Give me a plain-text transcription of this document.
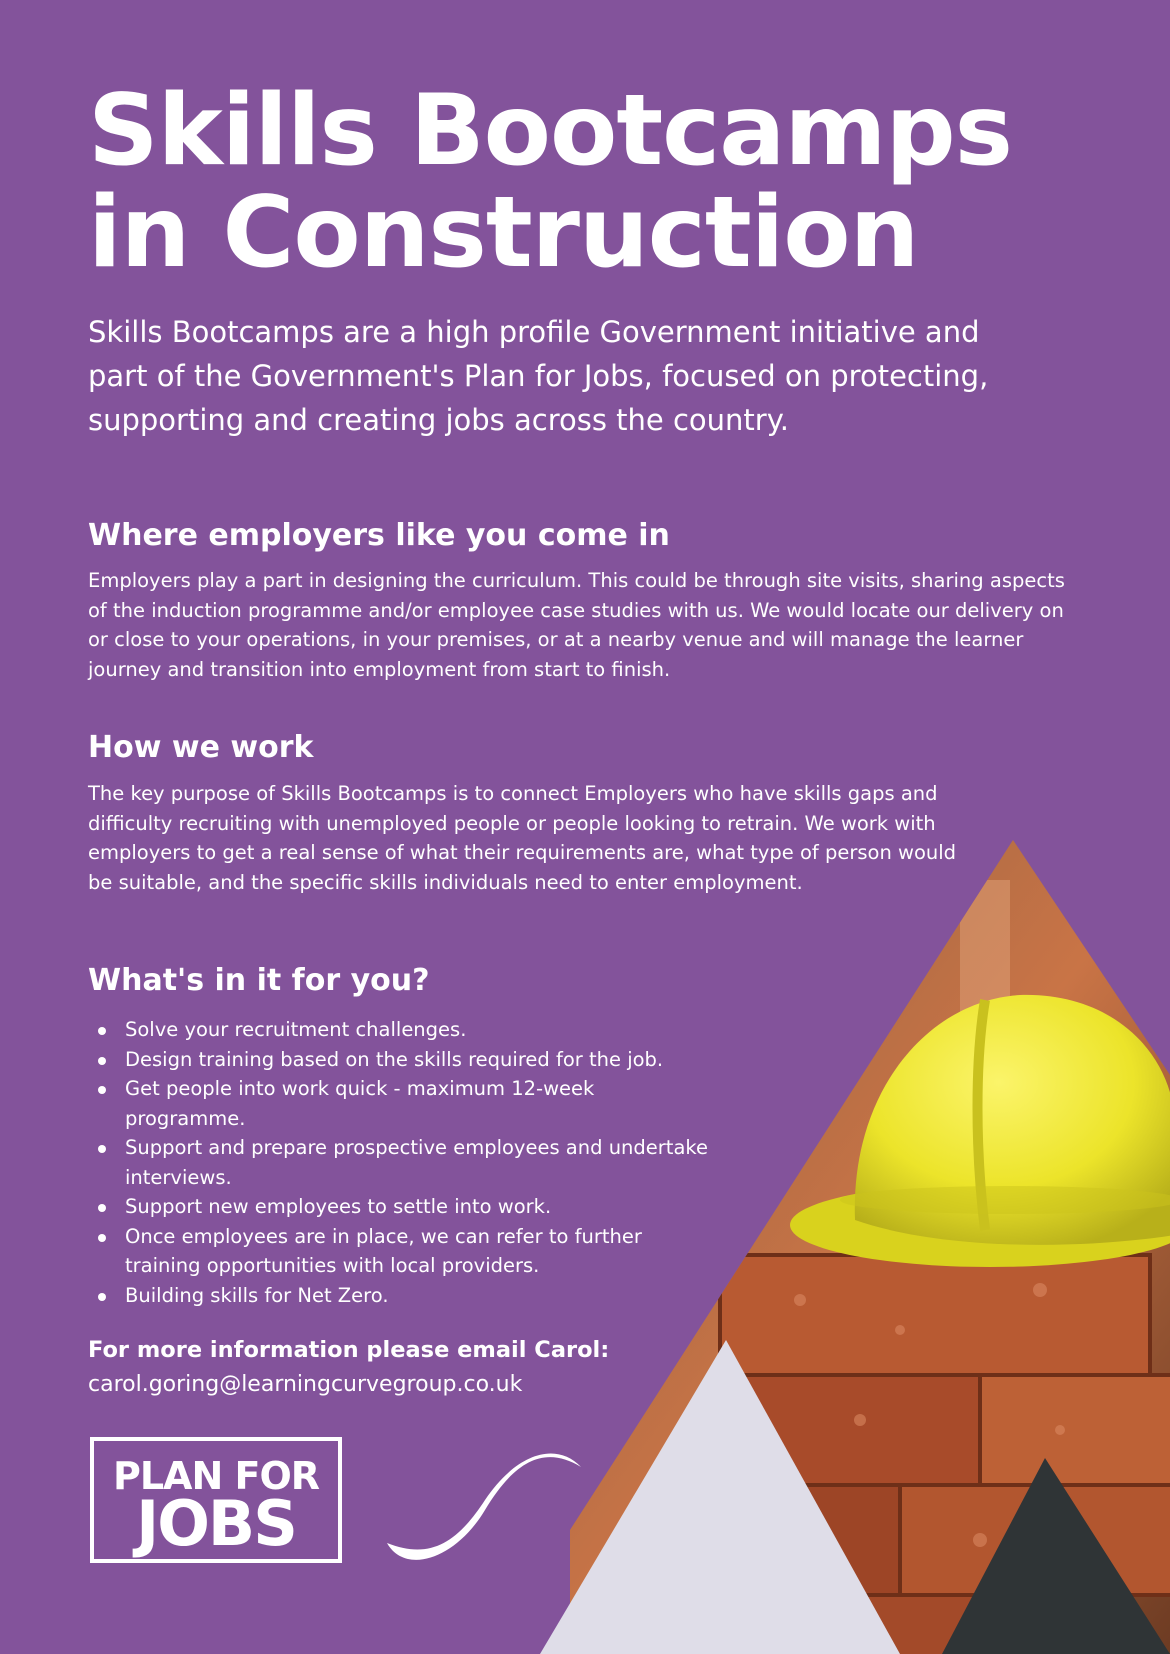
Skills Bootcamps
in Construction

Skills Bootcamps are a high profile Government initiative and part of the Government's Plan for Jobs, focused on protecting, supporting and creating jobs across the country.

Where employers like you come in

Employers play a part in designing the curriculum. This could be through site visits, sharing aspects of the induction programme and/or employee case studies with us. We would locate our delivery on or close to your operations, in your premises, or at a nearby venue and will manage the learner journey and transition into employment from start to finish.

How we work

The key purpose of Skills Bootcamps is to connect Employers who have skills gaps and difficulty recruiting with unemployed people or people looking to retrain. We work with employers to get a real sense of what their requirements are, what type of person would be suitable, and the specific skills individuals need to enter employment.

What's in it for you?
Solve your recruitment challenges.
Design training based on the skills required for the job.
Get people into work quick - maximum 12-week programme.
Support and prepare prospective employees and undertake interviews.
Support new employees to settle into work.
Once employees are in place, we can refer to further training opportunities with local providers.
Building skills for Net Zero.

For more information please email Carol:

carol.goring@learningcurvegroup.co.uk

PLAN FOR
JOBS
